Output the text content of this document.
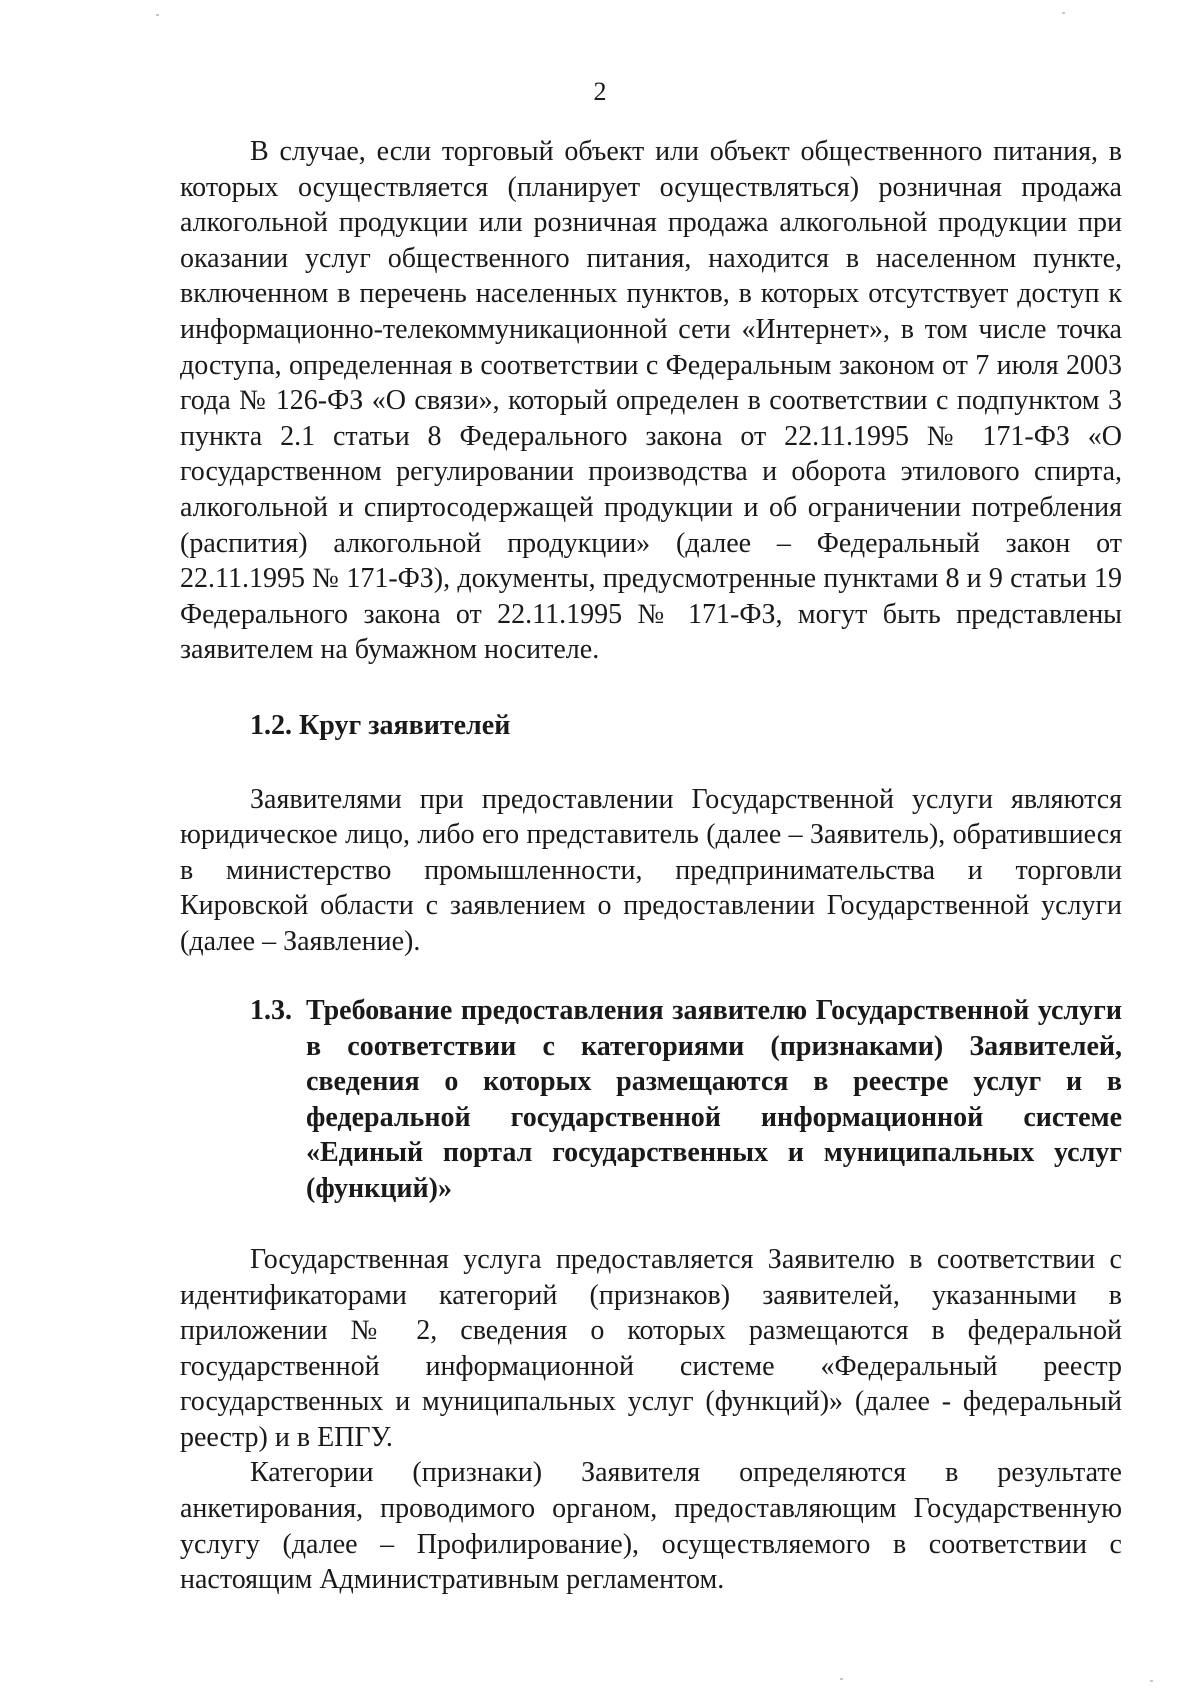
2

В случае, если торговый объект или объект общественного питания, в которых осуществляется (планирует осуществляться) розничная продажа алкогольной продукции или розничная продажа алкогольной продукции при оказании услуг общественного питания, находится в населенном пункте, включенном в перечень населенных пунктов, в которых отсутствует доступ к информационно-телекоммуникационной сети «Интернет», в том числе точка доступа, определенная в соответствии с Федеральным законом от 7 июля 2003 года № 126-ФЗ «О связи», который определен в соответствии с подпунктом 3 пункта 2.1 статьи 8 Федерального закона от 22.11.1995 № 171-ФЗ «О государственном регулировании производства и оборота этилового спирта, алкогольной и спиртосодержащей продукции и об ограничении потребления (распития) алкогольной продукции» (далее – Федеральный закон от 22.11.1995 № 171-ФЗ), документы, предусмотренные пунктами 8 и 9 статьи 19 Федерального закона от 22.11.1995 № 171-ФЗ, могут быть представлены заявителем на бумажном носителе.

1.2. Круг заявителей

Заявителями при предоставлении Государственной услуги являются юридическое лицо, либо его представитель (далее – Заявитель), обратившиеся в министерство промышленности, предпринимательства и торговли Кировской области с заявлением о предоставлении Государственной услуги (далее – Заявление).

1.3. Требование предоставления заявителю Государственной услуги в соответствии с категориями (признаками) Заявителей, сведения о которых размещаются в реестре услуг и в федеральной государственной информационной системе «Единый портал государственных и муниципальных услуг (функций)»

Государственная услуга предоставляется Заявителю в соответствии с идентификаторами категорий (признаков) заявителей, указанными в приложении № 2, сведения о которых размещаются в федеральной государственной информационной системе «Федеральный реестр государственных и муниципальных услуг (функций)» (далее - федеральный реестр) и в ЕПГУ.

Категории (признаки) Заявителя определяются в результате анкетирования, проводимого органом, предоставляющим Государственную услугу (далее – Профилирование), осуществляемого в соответствии с настоящим Административным регламентом.
